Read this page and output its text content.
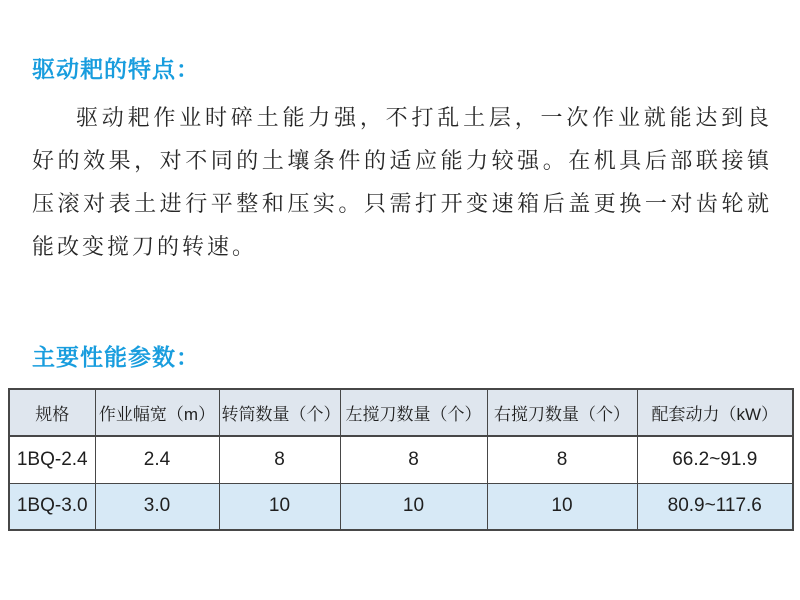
驱动耙的特点：

驱动耙作业时碎土能力强，不打乱土层，一次作业就能达到良好的效果，对不同的土壤条件的适应能力较强。在机具后部联接镇压滚对表土进行平整和压实。只需打开变速箱后盖更换一对齿轮就能改变搅刀的转速。

主要性能参数：
规格	作业幅宽（m）	转筒数量（个）	左搅刀数量（个）	右搅刀数量（个）	配套动力（kW）
1BQ-2.4	2.4	8	8	8	66.2~91.9
1BQ-3.0	3.0	10	10	10	80.9~117.6
